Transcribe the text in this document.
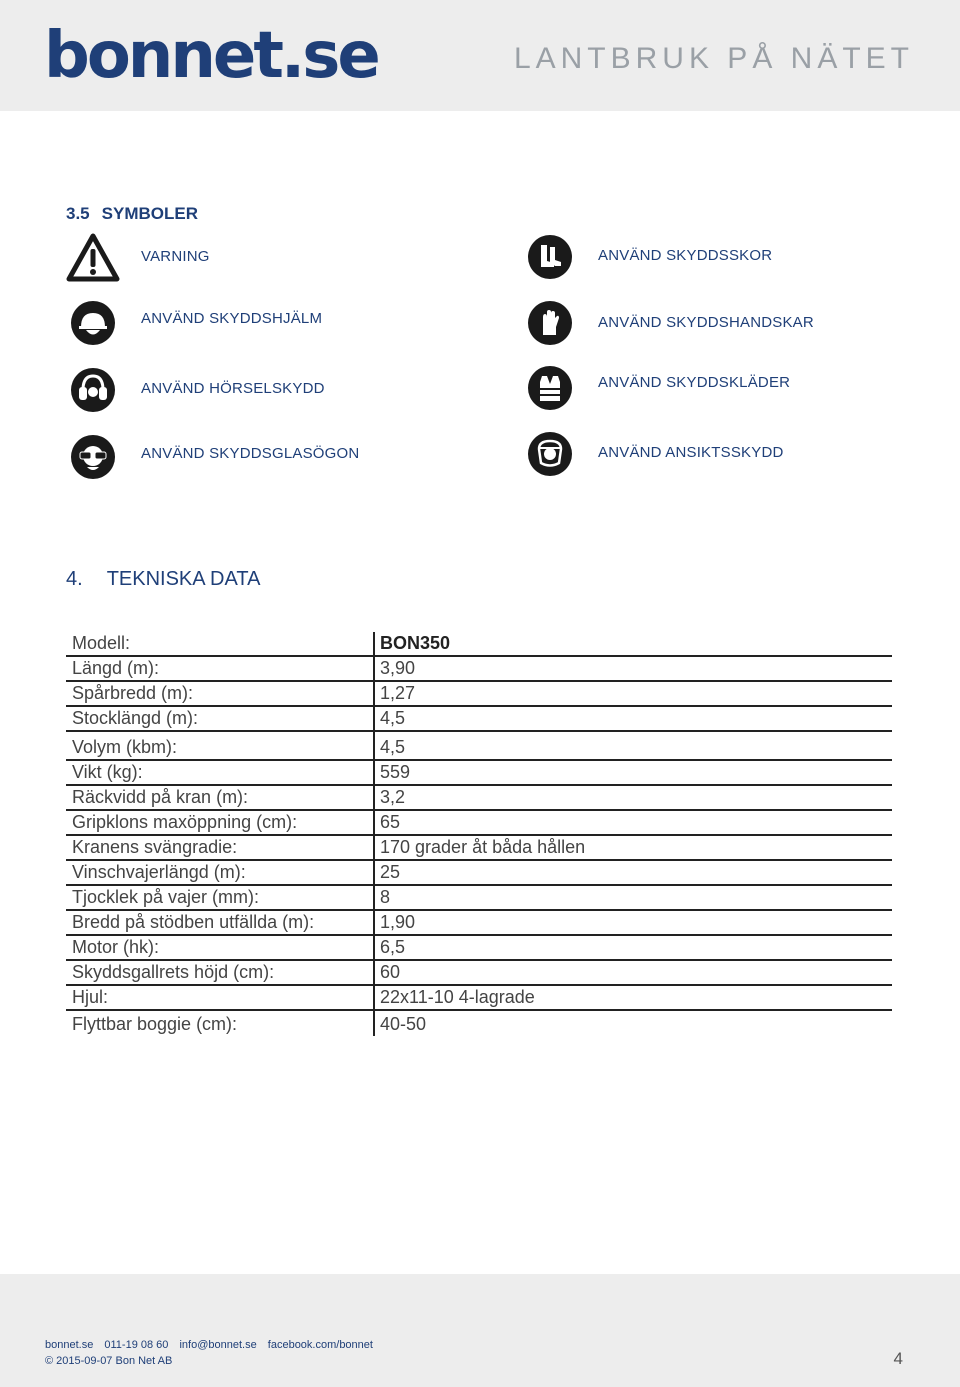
bonnet.se	LANTBRUK PÅ NÄTET
3.5 SYMBOLER
VARNING
ANVÄND SKYDDSHJÄLM
ANVÄND HÖRSELSKYDD
ANVÄND SKYDDSGLASÖGON
ANVÄND SKYDDSSKOR
ANVÄND SKYDDSHANDSKAR
ANVÄND SKYDDSKLÄDER
ANVÄND ANSIKTSSKYDD
4. TEKNISKA DATA
Modell:	BON350
Längd (m):	3,90
Spårbredd (m):	1,27
Stocklängd (m):	4,5
Volym (kbm):	4,5
Vikt (kg):	559
Räckvidd på kran (m):	3,2
Gripklons maxöppning (cm):	65
Kranens svängradie:	170 grader åt båda hållen
Vinschvajerlängd (m):	25
Tjocklek på vajer (mm):	8
Bredd på stödben utfällda (m):	1,90
Motor (hk):	6,5
Skyddsgallrets höjd (cm):	60
Hjul:	22x11-10 4-lagrade
Flyttbar boggie (cm):	40-50
bonnet.se 011-19 08 60 info@bonnet.se facebook.com/bonnet
© 2015-09-07 Bon Net AB	4
